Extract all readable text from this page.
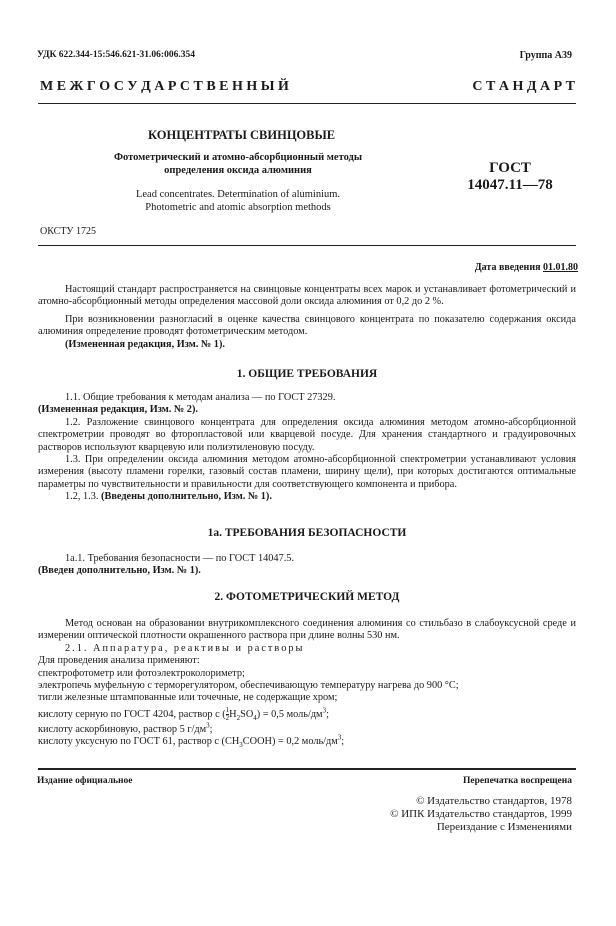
УДК 622.344-15:546.621-31.06:006.354	Группа А39
М Е Ж Г О С У Д А Р С Т В Е Н Н Ы Й	С Т А Н Д А Р Т
КОНЦЕНТРАТЫ СВИНЦОВЫЕ
Фотометрический и атомно-абсорбционный методы
определения оксида алюминия
Lead concentrates. Determination of aluminium.
Photometric and atomic absorption methods
ГОСТ
14047.11—78
ОКСТУ 1725
Дата введения 01.01.80

Настоящий стандарт распространяется на свинцовые концентраты всех марок и устанавливает фотометрический и атомно-абсорбционный методы определения массовой доли оксида алюминия от 0,2 до 2 %.

При возникновении разногласий в оценке качества свинцового концентрата по показателю содержания оксида алюминия определение проводят фотометрическим методом.

(Измененная редакция, Изм. № 1).

1. ОБЩИЕ ТРЕБОВАНИЯ

1.1. Общие требования к методам анализа — по ГОСТ 27329.

(Измененная редакция, Изм. № 2).

1.2. Разложение свинцового концентрата для определения оксида алюминия методом атомно-абсорбционной спектрометрии проводят во фторопластовой или кварцевой посуде. Для хранения стандартного и градуировочных растворов используют кварцевую или полиэтиленовую посуду.

1.3. При определении оксида алюминия методом атомно-абсорбционной спектрометрии устанавливают условия измерения (высоту пламени горелки, газовый состав пламени, ширину щели), при которых достигаются оптимальные параметры по чувствительности и правильности для соответствующего компонента и прибора.

1.2, 1.3. (Введены дополнительно, Изм. № 1).

1а. ТРЕБОВАНИЯ БЕЗОПАСНОСТИ

1а.1. Требования безопасности — по ГОСТ 14047.5.

(Введен дополнительно, Изм. № 1).

2. ФОТОМЕТРИЧЕСКИЙ МЕТОД

Метод основан на образовании внутрикомплексного соединения алюминия со стильбазо в слабоуксусной среде и измерении оптической плотности окрашенного раствора при длине волны 530 нм.

2.1. Аппаратура, реактивы и растворы

Для проведения анализа применяют:

спектрофотометр или фотоэлектроколориметр;

электропечь муфельную с терморегулятором, обеспечивающую температуру нагрева до 900 °С;

тигли железные штампованные или точечные, не содержащие хром;

кислоту серную по ГОСТ 4204, раствор с ( $\frac{1}{2} H_2SO_4) = 0,5$ моль/$дм^3$;

кислоту аскорбиновую, раствор 5 $г/дм^3$;

кислоту уксусную по ГОСТ 61, раствор с $(CH_3COOH) = 0,2$ моль/$дм^3$;

Издание официальное	Перепечатка воспрещена
© Издательство стандартов, 1978
© ИПК Издательство стандартов, 1999
Переиздание с Изменениями
